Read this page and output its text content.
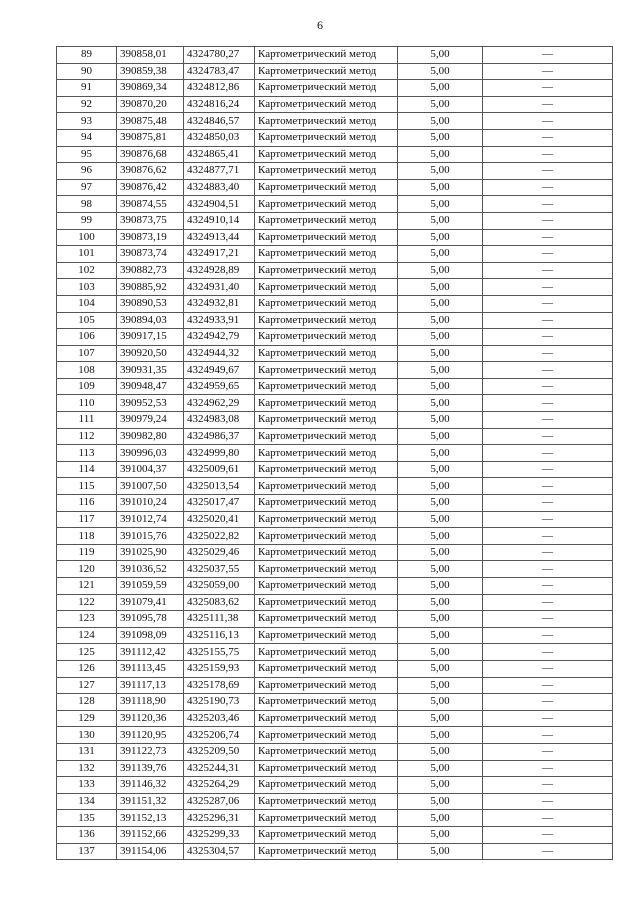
6
89	390858,01	4324780,27	Картометрический метод	5,00	—
90	390859,38	4324783,47	Картометрический метод	5,00	—
91	390869,34	4324812,86	Картометрический метод	5,00	—
92	390870,20	4324816,24	Картометрический метод	5,00	—
93	390875,48	4324846,57	Картометрический метод	5,00	—
94	390875,81	4324850,03	Картометрический метод	5,00	—
95	390876,68	4324865,41	Картометрический метод	5,00	—
96	390876,62	4324877,71	Картометрический метод	5,00	—
97	390876,42	4324883,40	Картометрический метод	5,00	—
98	390874,55	4324904,51	Картометрический метод	5,00	—
99	390873,75	4324910,14	Картометрический метод	5,00	—
100	390873,19	4324913,44	Картометрический метод	5,00	—
101	390873,74	4324917,21	Картометрический метод	5,00	—
102	390882,73	4324928,89	Картометрический метод	5,00	—
103	390885,92	4324931,40	Картометрический метод	5,00	—
104	390890,53	4324932,81	Картометрический метод	5,00	—
105	390894,03	4324933,91	Картометрический метод	5,00	—
106	390917,15	4324942,79	Картометрический метод	5,00	—
107	390920,50	4324944,32	Картометрический метод	5,00	—
108	390931,35	4324949,67	Картометрический метод	5,00	—
109	390948,47	4324959,65	Картометрический метод	5,00	—
110	390952,53	4324962,29	Картометрический метод	5,00	—
111	390979,24	4324983,08	Картометрический метод	5,00	—
112	390982,80	4324986,37	Картометрический метод	5,00	—
113	390996,03	4324999,80	Картометрический метод	5,00	—
114	391004,37	4325009,61	Картометрический метод	5,00	—
115	391007,50	4325013,54	Картометрический метод	5,00	—
116	391010,24	4325017,47	Картометрический метод	5,00	—
117	391012,74	4325020,41	Картометрический метод	5,00	—
118	391015,76	4325022,82	Картометрический метод	5,00	—
119	391025,90	4325029,46	Картометрический метод	5,00	—
120	391036,52	4325037,55	Картометрический метод	5,00	—
121	391059,59	4325059,00	Картометрический метод	5,00	—
122	391079,41	4325083,62	Картометрический метод	5,00	—
123	391095,78	4325111,38	Картометрический метод	5,00	—
124	391098,09	4325116,13	Картометрический метод	5,00	—
125	391112,42	4325155,75	Картометрический метод	5,00	—
126	391113,45	4325159,93	Картометрический метод	5,00	—
127	391117,13	4325178,69	Картометрический метод	5,00	—
128	391118,90	4325190,73	Картометрический метод	5,00	—
129	391120,36	4325203,46	Картометрический метод	5,00	—
130	391120,95	4325206,74	Картометрический метод	5,00	—
131	391122,73	4325209,50	Картометрический метод	5,00	—
132	391139,76	4325244,31	Картометрический метод	5,00	—
133	391146,32	4325264,29	Картометрический метод	5,00	—
134	391151,32	4325287,06	Картометрический метод	5,00	—
135	391152,13	4325296,31	Картометрический метод	5,00	—
136	391152,66	4325299,33	Картометрический метод	5,00	—
137	391154,06	4325304,57	Картометрический метод	5,00	—
